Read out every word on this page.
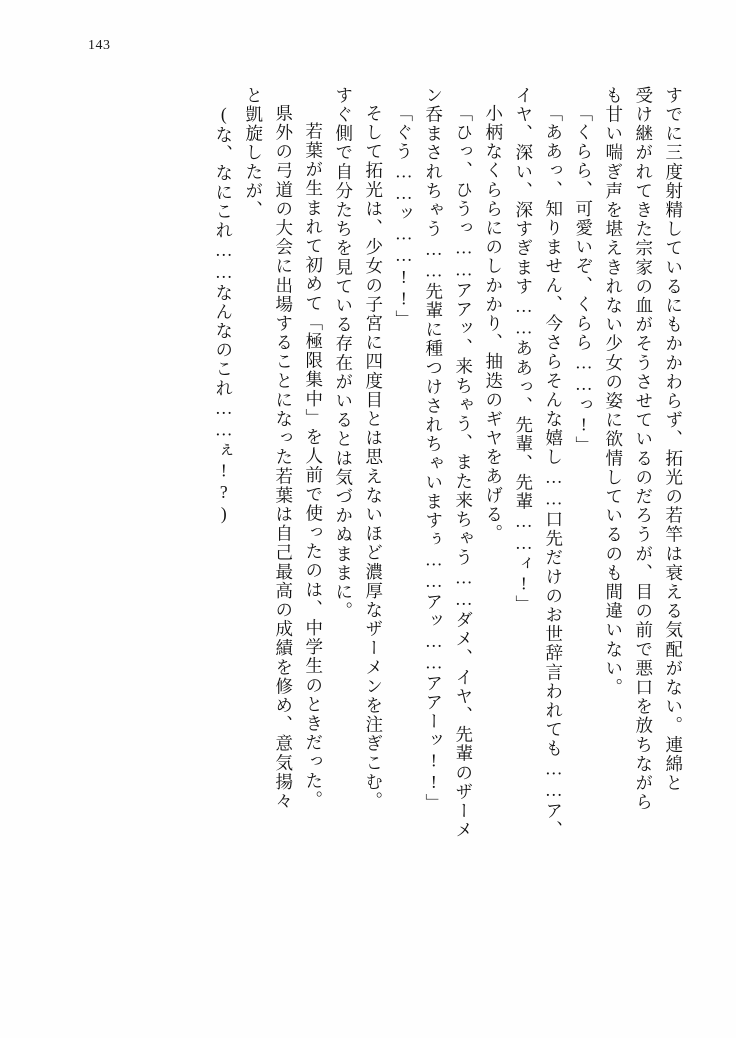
143
すでに三度射精しているにもかかわらず、拓光の若竿は衰える気配がない。連綿と
受け継がれてきた宗家の血がそうさせているのだろうが、目の前で悪口を放ちながら
も甘い喘ぎ声を堪えきれない少女の姿に欲情しているのも間違いない。
「くらら、可愛いぞ、くらら……っ!」
「ああっ、知りません、今さらそんな嬉し……口先だけのお世辞言われても……ア、
イヤ、深い、深すぎます……ああっ、先輩、先輩……ィ!」
小柄なくららにのしかかり、抽迭のギヤをあげる。
「ひっ、ひうっ……アアッ、来ちゃう、また来ちゃう……ダメ、イヤ、先輩のザーメ
ン呑まされちゃう……先輩に種つけされちゃいますぅ……アッ……アアーッ!!」
「ぐう……ッ……!!」
そして拓光は、少女の子宮に四度目とは思えないほど濃厚なザーメンを注ぎこむ。
すぐ側で自分たちを見ている存在がいるとは気づかぬままに。
若葉が生まれて初めて「極限集中」を人前で使ったのは、中学生のときだった。
県外の弓道の大会に出場することになった若葉は自己最高の成績を修め、意気揚々
と凱旋したが、
(な、なにこれ……なんなのこれ……ぇ!?)
